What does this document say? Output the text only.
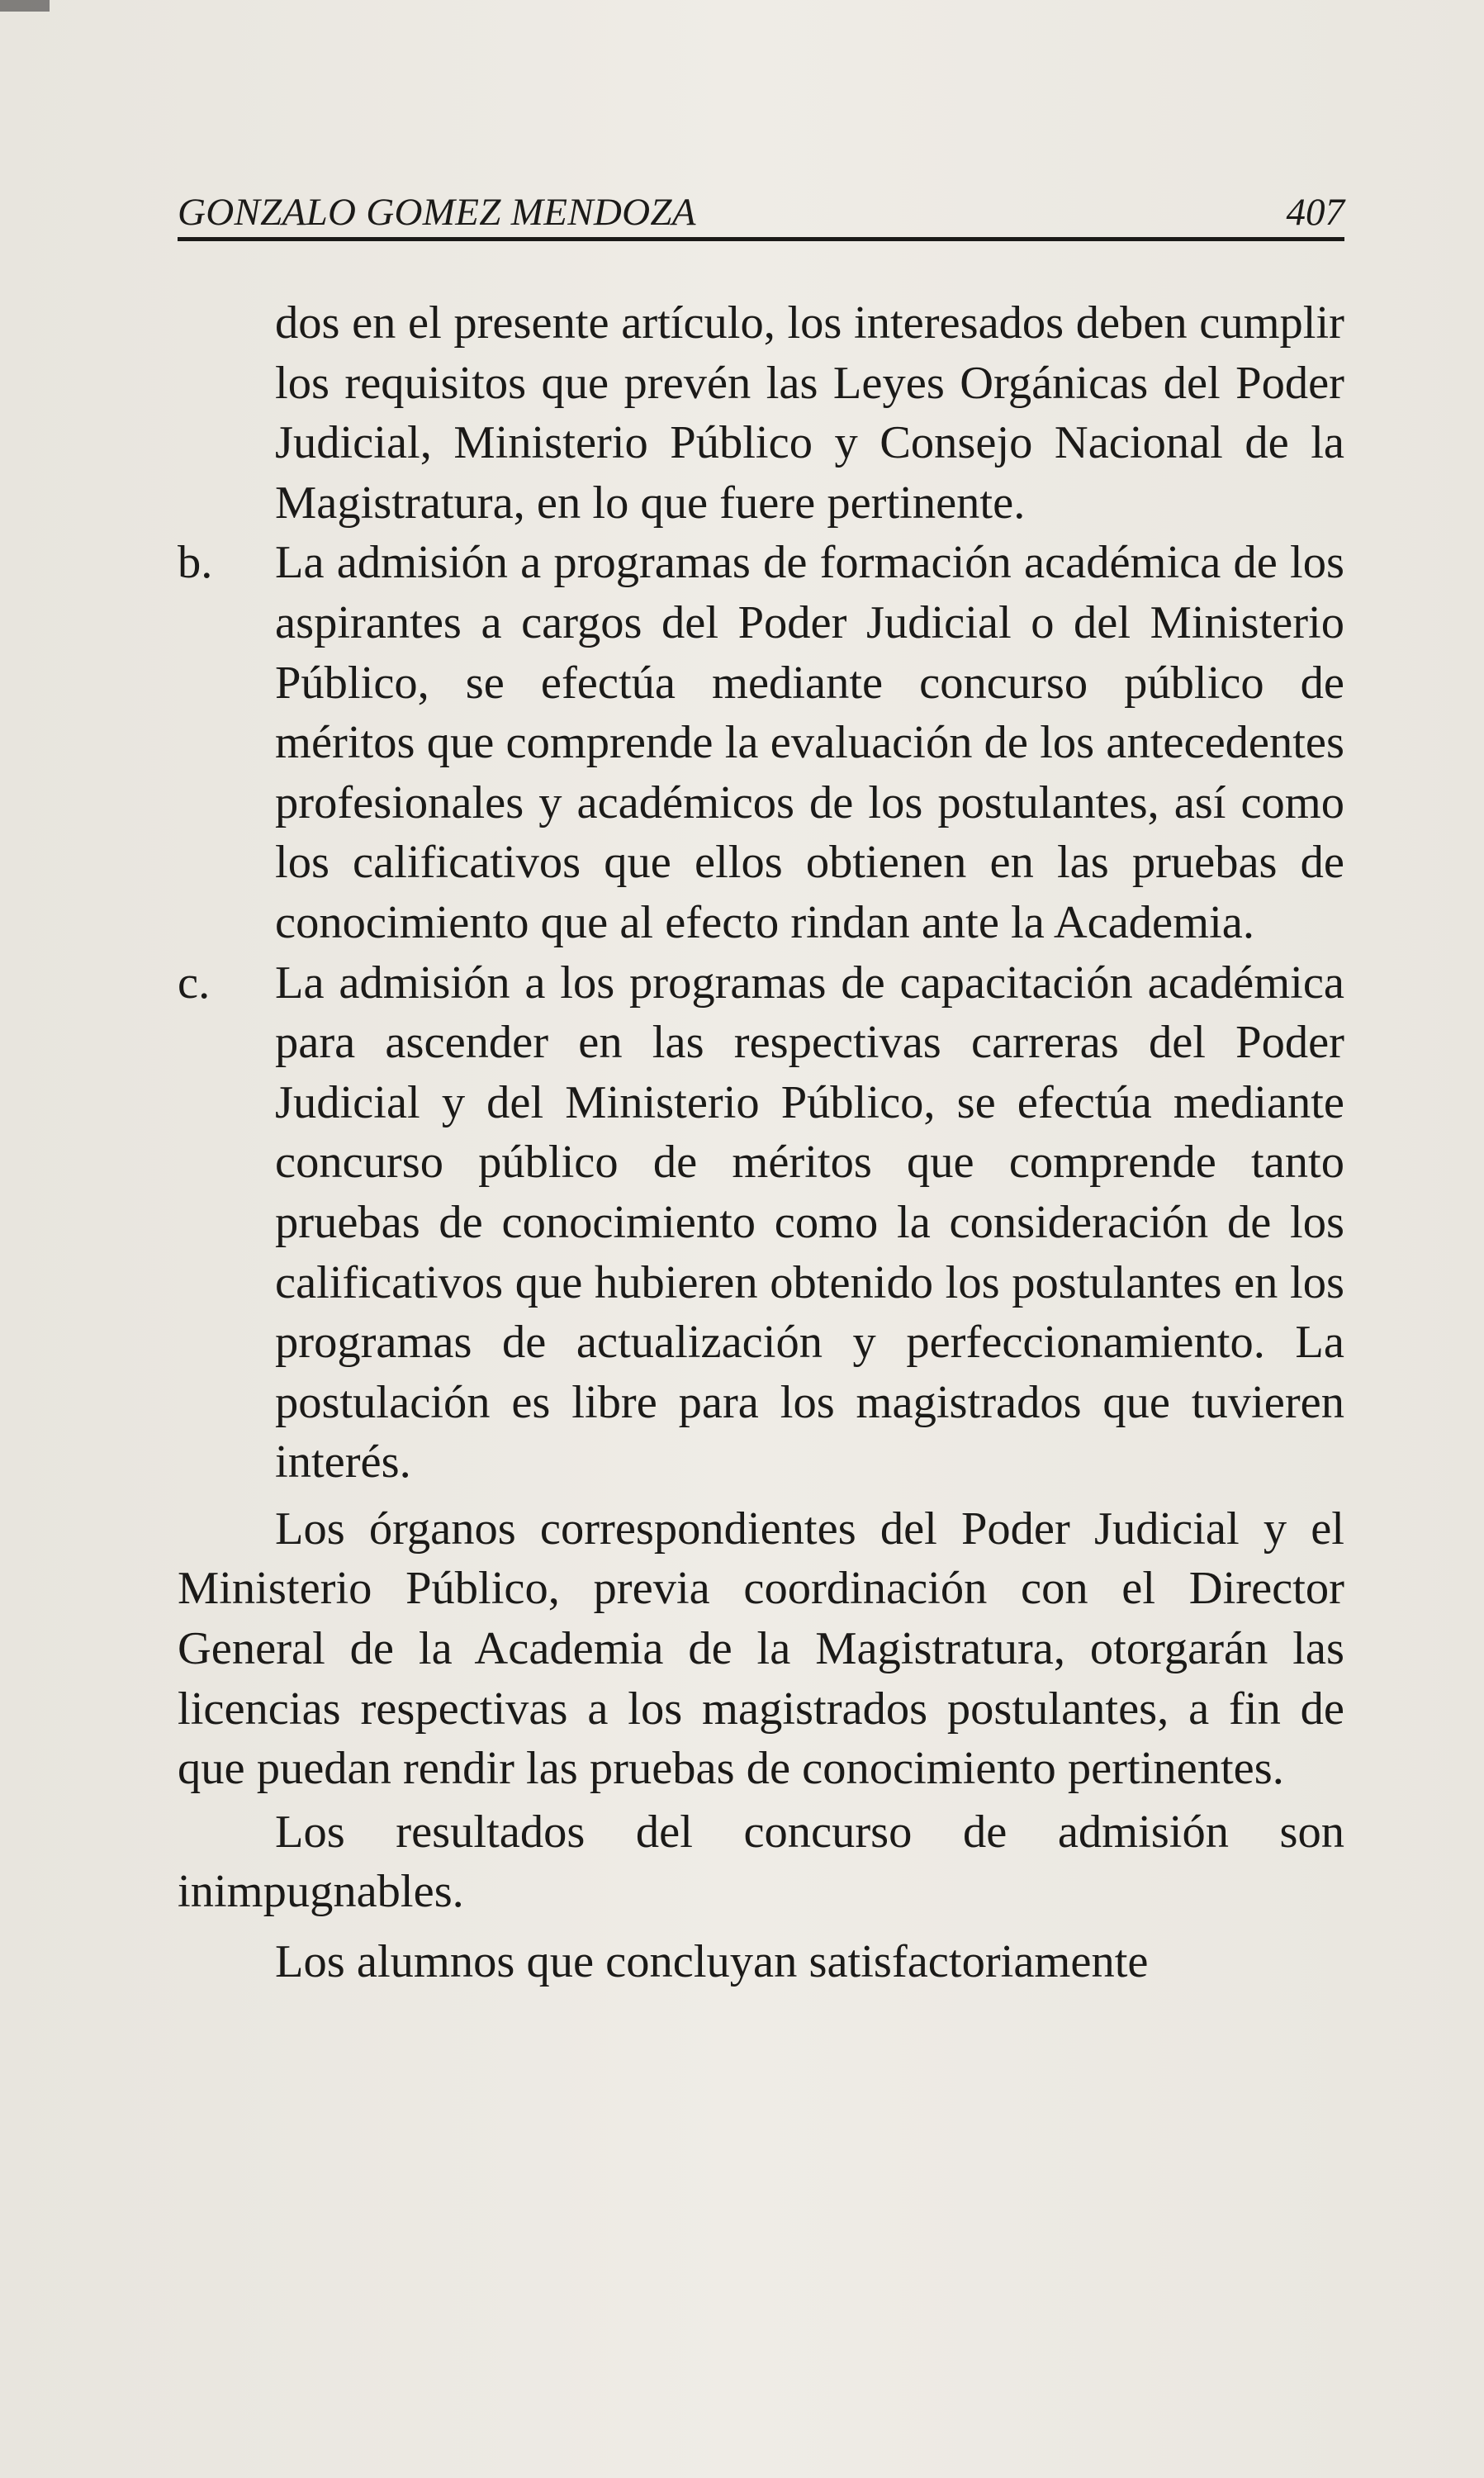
GONZALO GOMEZ MENDOZA	407

dos en el presente artículo, los interesados deben cumplir los requisitos que prevén las Leyes Orgánicas del Poder Judicial, Ministerio Público y Consejo Nacional de la Magistratura, en lo que fuere pertinente.

b. La admisión a programas de formación académica de los aspirantes a cargos del Poder Judicial o del Ministerio Público, se efectúa mediante concurso público de méritos que comprende la evaluación de los antecedentes profesionales y académicos de los postulantes, así como los calificativos que ellos obtienen en las pruebas de conocimiento que al efecto rindan ante la Academia.

c. La admisión a los programas de capacitación académica para ascender en las respectivas carreras del Poder Judicial y del Ministerio Público, se efectúa mediante concurso público de méritos que comprende tanto pruebas de conocimiento como la consideración de los calificativos que hubieren obtenido los postulantes en los programas de actualización y perfeccionamiento. La postulación es libre para los magistrados que tuvieren interés.

Los órganos correspondientes del Poder Judicial y el Ministerio Público, previa coordinación con el Director General de la Academia de la Magistratura, otorgarán las licencias respectivas a los magistrados postulantes, a fin de que puedan rendir las pruebas de conocimiento pertinentes.

Los resultados del concurso de admisión son inimpugnables.

Los alumnos que concluyan satisfactoriamente
